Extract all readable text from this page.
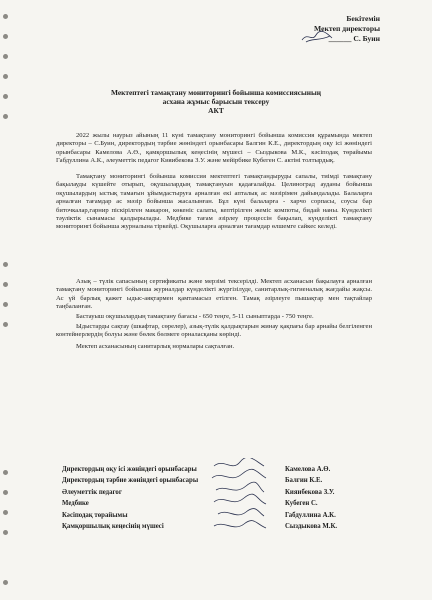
Бекітемін
Мектеп директоры
______ С. Буин
Мектептегі тамақтану мониторингі бойынша комиссиясының
асхана жұмыс барысын тексеру
АКТ

2022 жылы наурыз айының 11 күні тамақтану мониторингі бойынша комиссия құрамында мектеп директоры – С.Буин, директордың тәрбие жөніндегі орынбасары Балгин К.Е., директордың оқу ісі жөніндегі орынбасары Камелова А.Ө., қамқоршылық кеңесінің мүшесі – Сыздыкова М.К., кәсіподақ төрайымы Габдуллина А.К., әлеуметтік педагог Кияибекова З.У. және мейірбике Кубеген С. актіні толтырдық.

Тамақтану мониторингі бойынша комиссия мектептегі тамақтандыруды сапалы, тиімді тамақтану бақылауды күшейте отырып, оқушылардың тамақтануын қадағалайды. Целиноград ауданы бойынша оқушылардың ыстық тамағын ұйымдастыруға арналған екі апталық ас мәзірімен дайындалады. Балаларға арналған тағамдар ас мәзір бойынша жасалынған. Бұл күні балаларға - харчо сорпасы, соусы бар биточкалар,гарнир піскірілген макарон, көкеніс салаты, кептірілген жеміс компоты, бидай наны. Күнделікті тәуліктік сынамасы қалдырылады. Медбике тағам әзірлеу процессін бақылап, күнделікті тамақтану мониторингі бойынша журналына тіркейді. Оқушыларға арналған тағамдар өлшемге сайкес келеді.

Азық – түлік сапасының сертификаты және мерзімі тексерілді. Мектеп асханасын бақылауға арналған тамақтану мониторингі бойынша журналдар күнделікті жүргізілуде, санитарлық-гигиеналық жағдайы жақсы. Ас үй барлық қажет ыдыс-аяқтармен қамтамасыз етілген. Тамақ әзірлеуге пышақтар мен тақтайлар таңбаланған.

Бастауыш оқушылардың тамақтану бағасы - 650 теңге, 5-11 сыныптарда - 750 теңге.

Ыдыстарды сақтау (шкафтар, сөрелер), азық-түлік қалдықтарын жинау қақпағы бар арнайы белгіленген контейнерлердің болуы және бөлек бөлмеге орналасқаны көрінді.

Мектеп асханасының санитарлық нормалары сақталған.

Директордың оқу ісі жөніндегі орынбасары
Директордың тәрбие жөніндегі орынбасары
Әлеуметтік педагог
Медбике
Кәсіподақ төрайымы
Қамқоршылық кеңесінің мүшесі
Камелова А.Ө.
Балгин К.Е.
Кияибекова З.У.
Кубеген С.
Габдуллина А.К.
Сыздыкова М.К.
